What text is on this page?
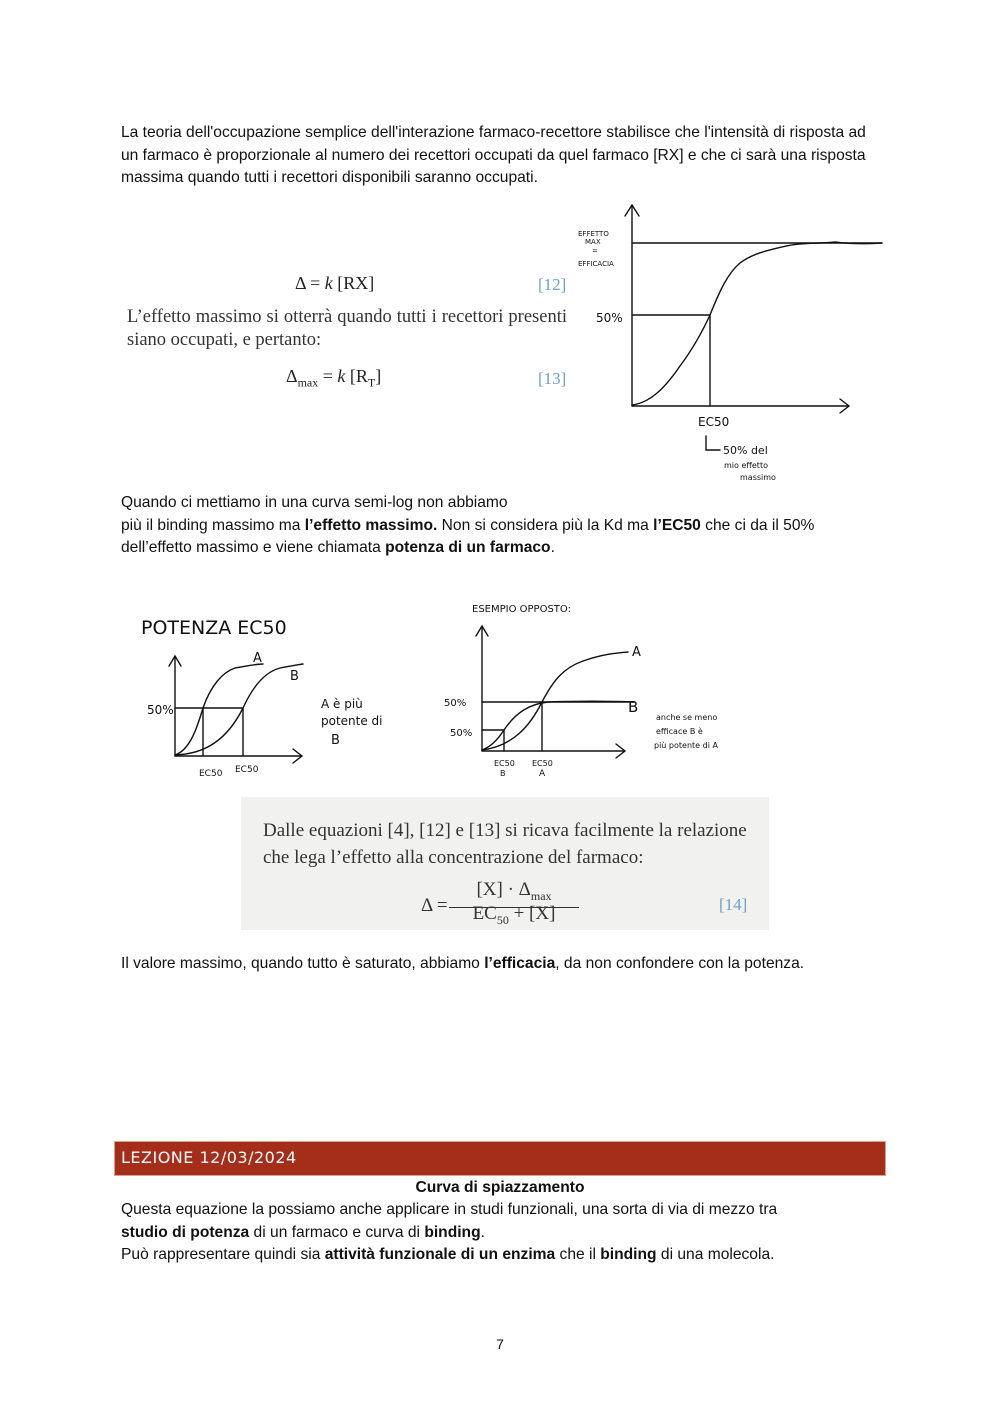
La teoria dell'occupazione semplice dell'interazione farmaco-recettore stabilisce che l'intensità di risposta ad un farmaco è proporzionale al numero dei recettori occupati da quel farmaco [RX] e che ci sarà una risposta massima quando tutti i recettori disponibili saranno occupati.

Δ = k [RX]	[12]
L’effetto massimo si otterrà quando tutti i recettori presenti siano occupati, e pertanto:
$\Delta_{max} = k$ $[R_T]$	[13]
EFFETTO
MAX
=
EFFICACIA
50%
EC50
50% del
mio effetto
massimo

Quando ci mettiamo in una curva semi-log non abbiamo
più il binding massimo ma l’effetto massimo. Non si considera più la Kd ma l’EC50 che ci da il 50%
dell’effetto massimo e viene chiamata potenza di un farmaco.

POTENZA EC50
A
B
50%
EC50 EC50
A è più
potente di
B
ESEMPIO OPPOSTO:
A
B
50%
50%
EC50
B
EC50
A
anche se meno
efficace B è
più potente di A
Dalle equazioni [4], [12] e [13] si ricava facilmente la relazione che lega l’effetto alla concentrazione del farmaco:
Δ =
$[X] \cdot \Delta_{max}$
$EC_{50} + [X]$	[14]

Il valore massimo, quando tutto è saturato, abbiamo l’efficacia, da non confondere con la potenza.

LEZIONE 12/03/2024
Curva di spiazzamento

Questa equazione la possiamo anche applicare in studi funzionali, una sorta di via di mezzo tra
studio di potenza di un farmaco e curva di binding.
Può rappresentare quindi sia attività funzionale di un enzima che il binding di una molecola.

7
